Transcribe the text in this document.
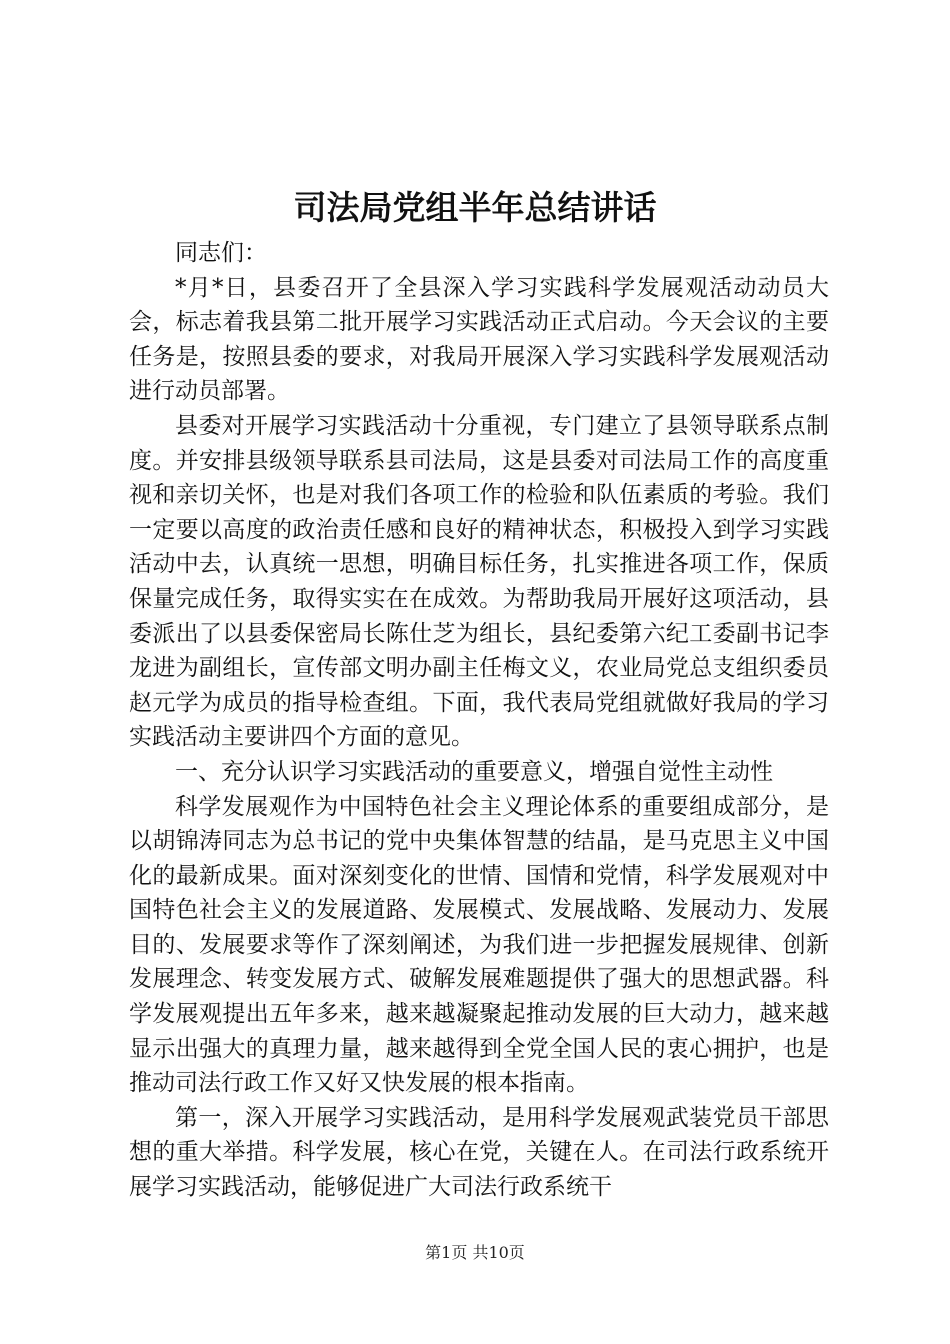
司法局党组半年总结讲话

同志们：

*月*日，县委召开了全县深入学习实践科学发展观活动动员大会，标志着我县第二批开展学习实践活动正式启动。今天会议的主要任务是，按照县委的要求，对我局开展深入学习实践科学发展观活动进行动员部署。

县委对开展学习实践活动十分重视，专门建立了县领导联系点制度。并安排县级领导联系县司法局，这是县委对司法局工作的高度重视和亲切关怀，也是对我们各项工作的检验和队伍素质的考验。我们一定要以高度的政治责任感和良好的精神状态，积极投入到学习实践活动中去，认真统一思想，明确目标任务，扎实推进各项工作，保质保量完成任务，取得实实在在成效。为帮助我局开展好这项活动，县委派出了以县委保密局长陈仕芝为组长，县纪委第六纪工委副书记李龙进为副组长，宣传部文明办副主任梅文义，农业局党总支组织委员赵元学为成员的指导检查组。下面，我代表局党组就做好我局的学习实践活动主要讲四个方面的意见。

一、充分认识学习实践活动的重要意义，增强自觉性主动性

科学发展观作为中国特色社会主义理论体系的重要组成部分，是以胡锦涛同志为总书记的党中央集体智慧的结晶，是马克思主义中国化的最新成果。面对深刻变化的世情、国情和党情，科学发展观对中国特色社会主义的发展道路、发展模式、发展战略、发展动力、发展目的、发展要求等作了深刻阐述，为我们进一步把握发展规律、创新发展理念、转变发展方式、破解发展难题提供了强大的思想武器。科学发展观提出五年多来，越来越凝聚起推动发展的巨大动力，越来越显示出强大的真理力量，越来越得到全党全国人民的衷心拥护，也是推动司法行政工作又好又快发展的根本指南。

第一，深入开展学习实践活动，是用科学发展观武装党员干部思想的重大举措。科学发展，核心在党，关键在人。在司法行政系统开展学习实践活动，能够促进广大司法行政系统干

第1页 共10页
